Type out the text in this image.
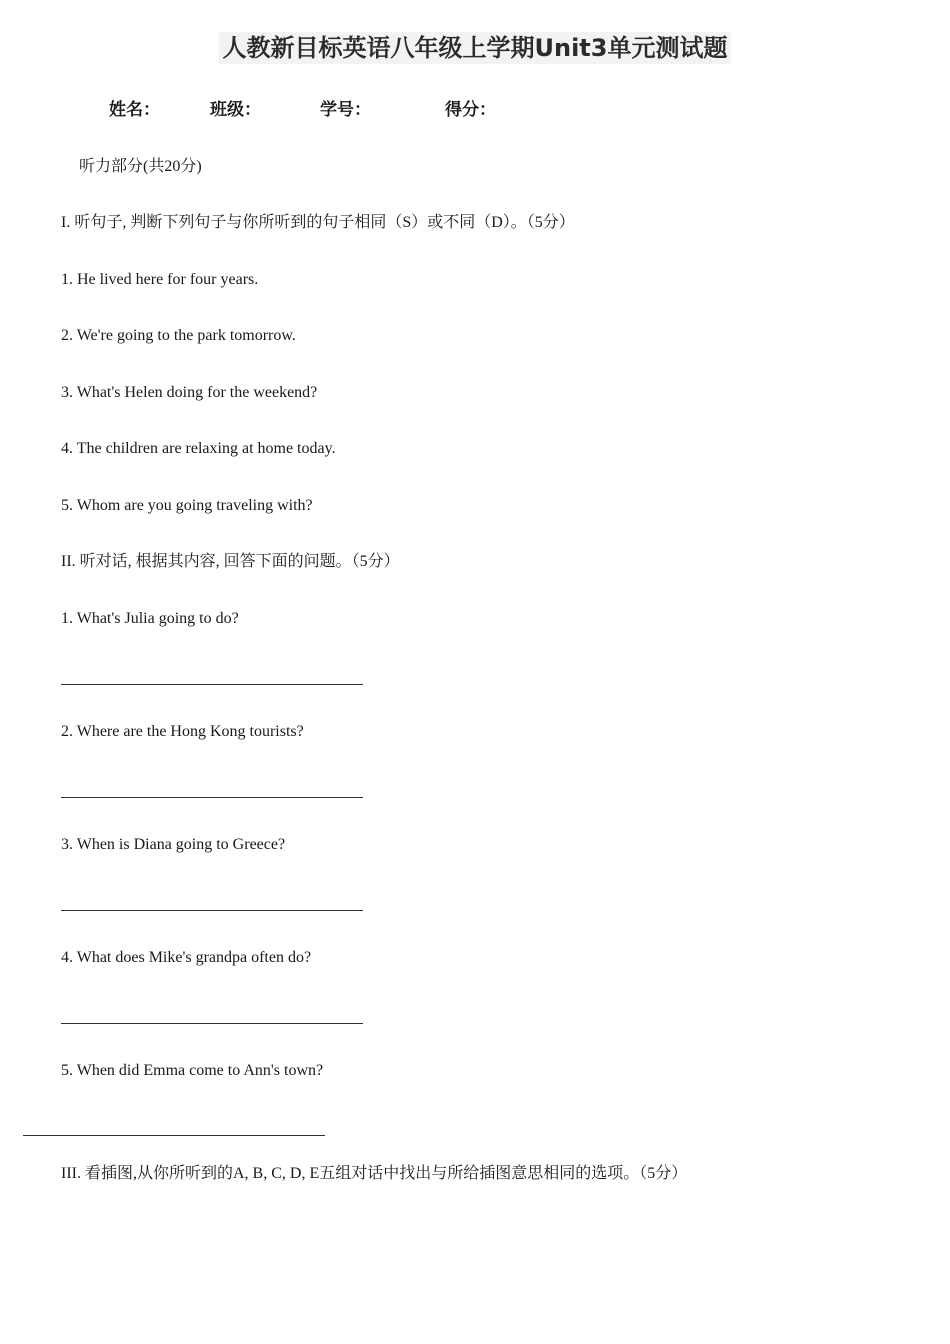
人教新目标英语八年级上学期Unit3单元测试题
姓名：	班级：	学号：	得分：
听力部分(共20分)
I. 听句子, 判断下列句子与你所听到的句子相同（S）或不同（D）。（5分）
1. He lived here for four years.
2. We're going to the park tomorrow.
3. What's Helen doing for the weekend?
4. The children are relaxing at home today.
5. Whom are you going traveling with?
II. 听对话, 根据其内容, 回答下面的问题。（5分）
1. What's Julia going to do?
2. Where are the Hong Kong tourists?
3. When is Diana going to Greece?
4. What does Mike's grandpa often do?
5. When did Emma come to Ann's town?
III. 看插图,从你所听到的A, B, C, D, E五组对话中找出与所给插图意思相同的选项。（5分）
